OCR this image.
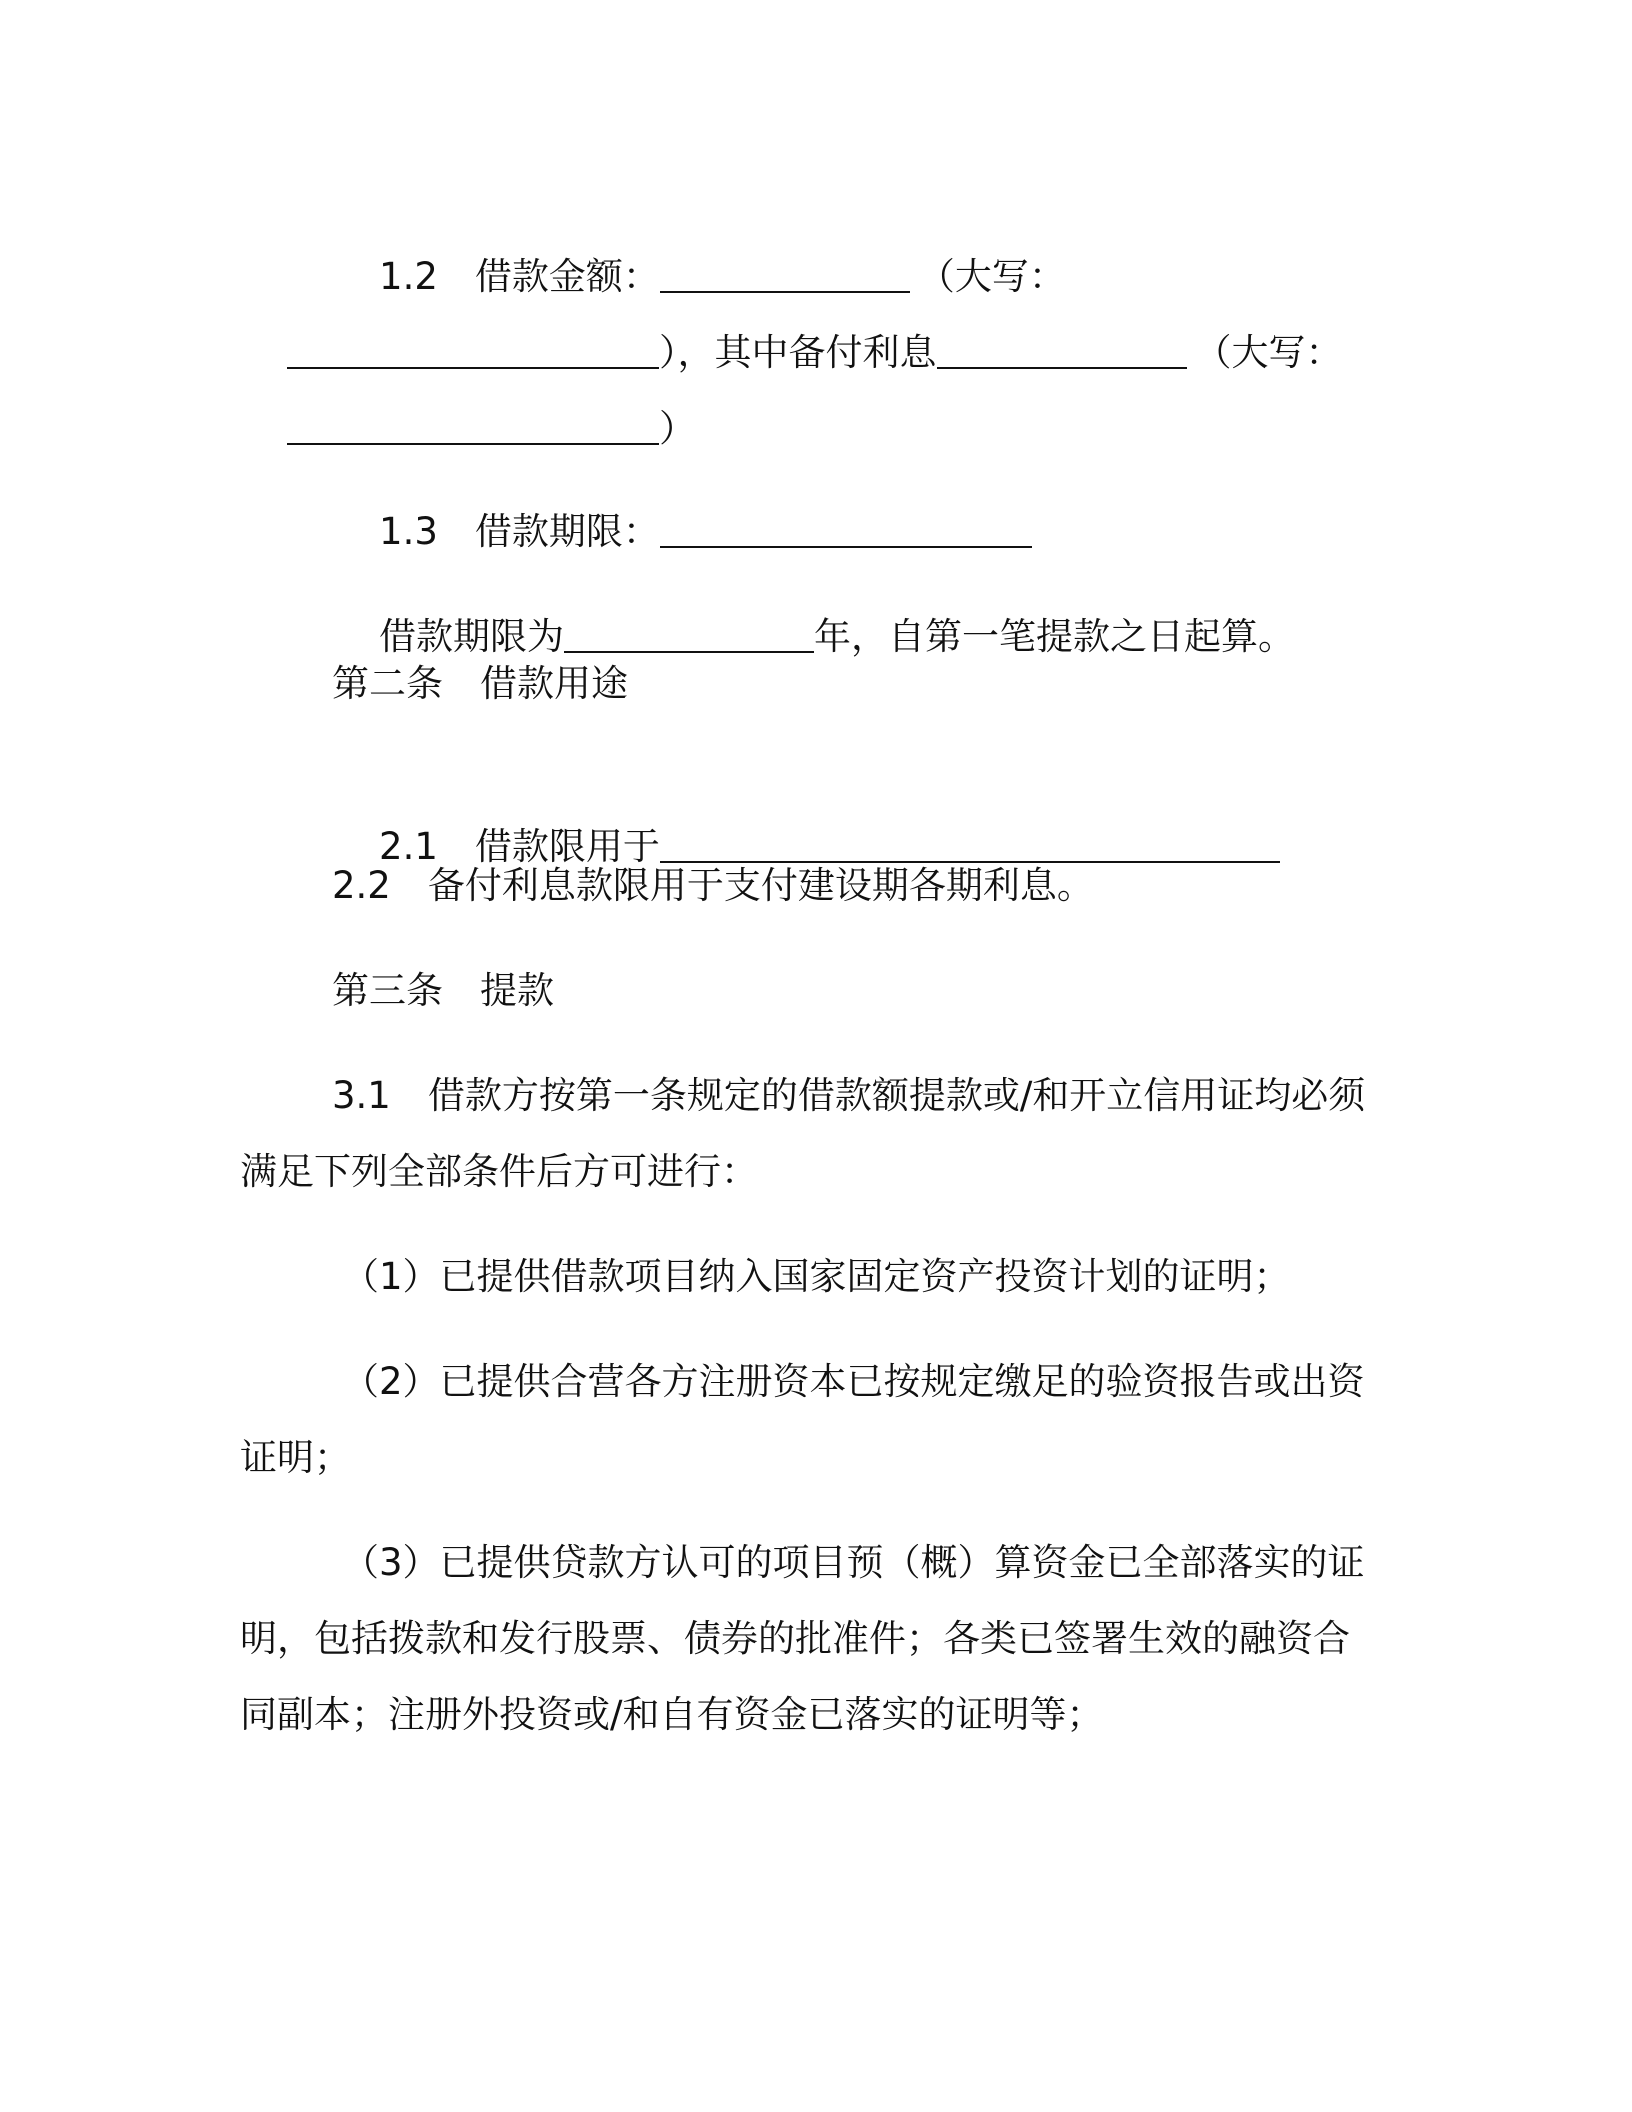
1.2　借款金额：	（大写：

），其中备付利息	（大写：

）

1.3　借款期限：

借款期限为	年，自第一笔提款之日起算。

第二条　借款用途

2.1　借款限用于

2.2　备付利息款限用于支付建设期各期利息。
第三条　提款
3.1　借款方按第一条规定的借款额提款或/和开立信用证均必须
满足下列全部条件后方可进行：
（1）已提供借款项目纳入国家固定资产投资计划的证明；
（2）已提供合营各方注册资本已按规定缴足的验资报告或出资
证明；
（3）已提供贷款方认可的项目预（概）算资金已全部落实的证
明，包括拨款和发行股票、债券的批准件；各类已签署生效的融资合
同副本；注册外投资或/和自有资金已落实的证明等；
